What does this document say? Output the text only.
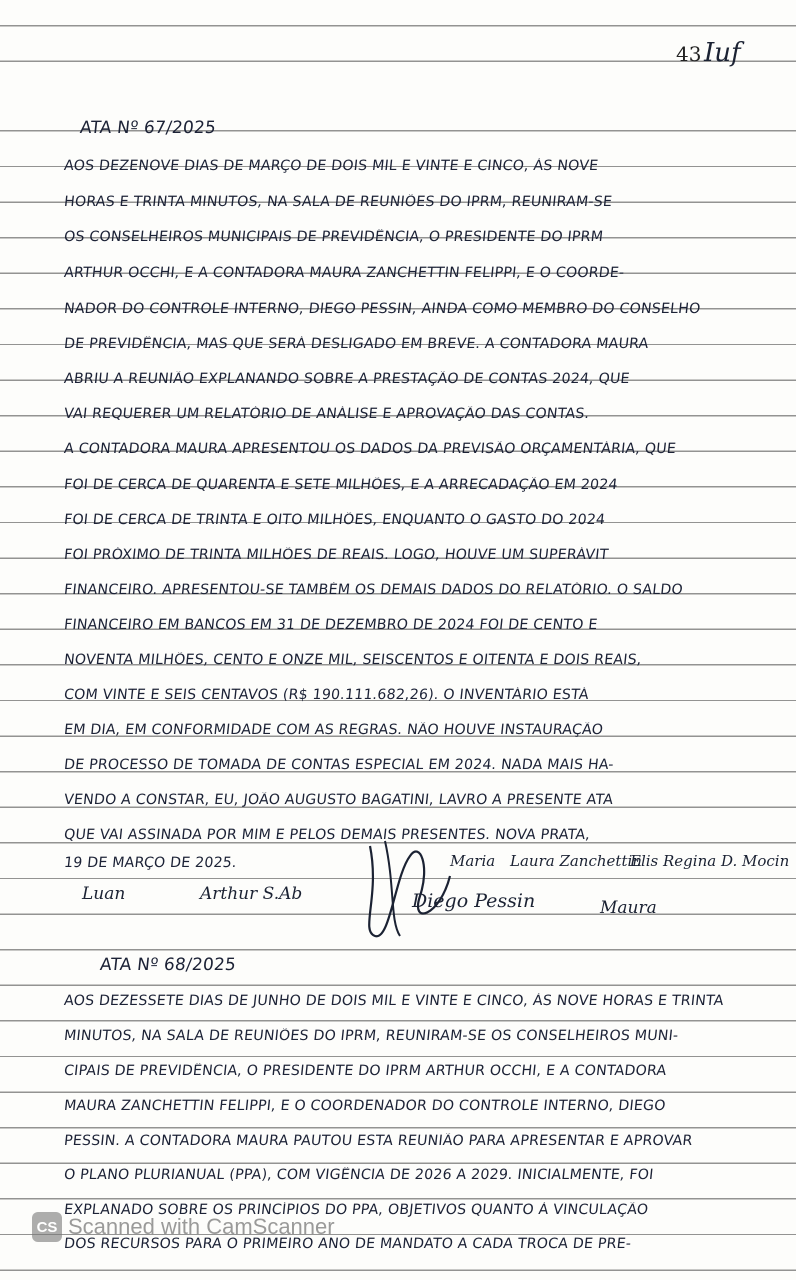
43 Iuf
ATA Nº 67/2025
AOS DEZENOVE DIAS DE MARÇO DE DOIS MIL E VINTE E CINCO, ÀS NOVE
HORAS E TRINTA MINUTOS, NA SALA DE REUNIÕES DO IPRM, REUNIRAM-SE
OS CONSELHEIROS MUNICIPAIS DE PREVIDÊNCIA, O PRESIDENTE DO IPRM
ARTHUR OCCHI, E A CONTADORA MAURA ZANCHETTIN FELIPPI, E O COORDE-
NADOR DO CONTROLE INTERNO, DIEGO PESSIN, AINDA COMO MEMBRO DO CONSELHO
DE PREVIDÊNCIA, MAS QUE SERÁ DESLIGADO EM BREVE. A CONTADORA MAURA
ABRIU A REUNIÃO EXPLANANDO SOBRE A PRESTAÇÃO DE CONTAS 2024, QUE
VAI REQUERER UM RELATÓRIO DE ANÁLISE E APROVAÇÃO DAS CONTAS.
A CONTADORA MAURA APRESENTOU OS DADOS DA PREVISÃO ORÇAMENTÁRIA, QUE
FOI DE CERCA DE QUARENTA E SETE MILHÕES, E A ARRECADAÇÃO EM 2024
FOI DE CERCA DE TRINTA E OITO MILHÕES, ENQUANTO O GASTO DO 2024
FOI PRÓXIMO DE TRINTA MILHÕES DE REAIS. LOGO, HOUVE UM SUPERÁVIT
FINANCEIRO. APRESENTOU-SE TAMBÉM OS DEMAIS DADOS DO RELATÓRIO. O SALDO
FINANCEIRO EM BANCOS EM 31 DE DEZEMBRO DE 2024 FOI DE CENTO E
NOVENTA MILHÕES, CENTO E ONZE MIL, SEISCENTOS E OITENTA E DOIS REAIS,
COM VINTE E SEIS CENTAVOS (R$ 190.111.682,26). O INVENTÁRIO ESTÁ
EM DIA, EM CONFORMIDADE COM AS REGRAS. NÃO HOUVE INSTAURAÇÃO
DE PROCESSO DE TOMADA DE CONTAS ESPECIAL EM 2024. NADA MAIS HA-
VENDO A CONSTAR, EU, JOÃO AUGUSTO BAGATINI, LAVRO A PRESENTE ATA
QUE VAI ASSINADA POR MIM E PELOS DEMAIS PRESENTES. NOVA PRATA,
19 DE MARÇO DE 2025.	Maria Laura Zanchettin
Elis Regina D. Mocin
Luan	Arthur S.Ab	Diego Pessin	Maura
ATA Nº 68/2025
AOS DEZESSETE DIAS DE JUNHO DE DOIS MIL E VINTE E CINCO, ÀS NOVE HORAS E TRINTA
MINUTOS, NA SALA DE REUNIÕES DO IPRM, REUNIRAM-SE OS CONSELHEIROS MUNI-
CIPAIS DE PREVIDÊNCIA, O PRESIDENTE DO IPRM ARTHUR OCCHI, E A CONTADORA
MAURA ZANCHETTIN FELIPPI, E O COORDENADOR DO CONTROLE INTERNO, DIEGO
PESSIN. A CONTADORA MAURA PAUTOU ESTA REUNIÃO PARA APRESENTAR E APROVAR
O PLANO PLURIANUAL (PPA), COM VIGÊNCIA DE 2026 A 2029. INICIALMENTE, FOI
EXPLANADO SOBRE OS PRINCÍPIOS DO PPA, OBJETIVOS QUANTO À VINCULAÇÃO
DOS RECURSOS PARA O PRIMEIRO ANO DE MANDATO A CADA TROCA DE PRE-
CS Scanned with CamScanner
